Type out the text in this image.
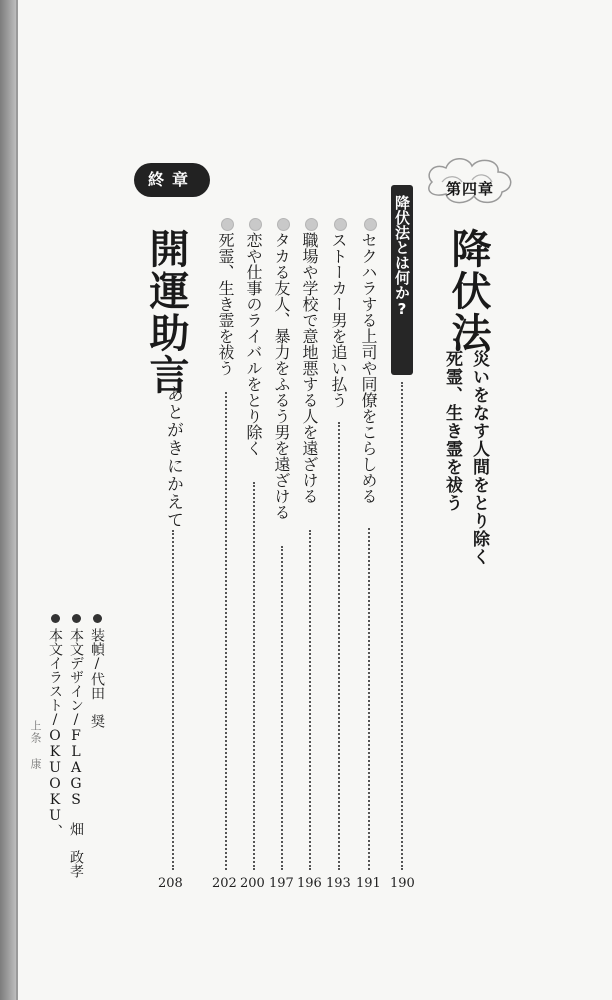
第四章
降伏法
災いをなす人間をとり除く
死霊、生き霊を祓う
降伏法とは何か?
190
セクハラする上司や同僚をこらしめる
191
ストーカー男を追い払う
193
職場や学校で意地悪する人を遠ざける
196
タカる友人、暴力をふるう男を遠ざける
197
恋や仕事のライバルをとり除く
200
死霊、生き霊を祓う
202
終章
開運助言
あとがきにかえて
208
装幀/代田　奨
本文デザイン/FLAGS　畑　政孝
本文イラスト/OKUOKU、
上条 康
